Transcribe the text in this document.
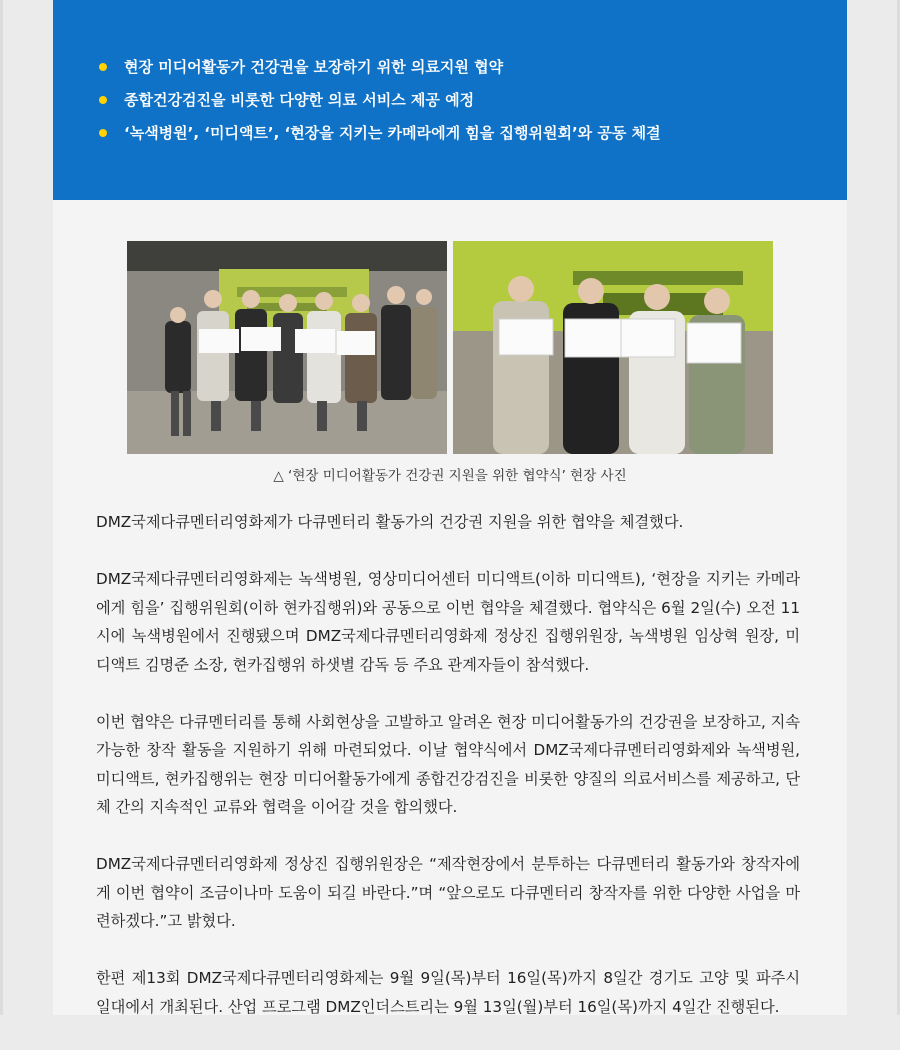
현장 미디어활동가 건강권을 보장하기 위한 의료지원 협약
종합건강검진을 비롯한 다양한 의료 서비스 제공 예정
‘녹색병원’, ‘미디액트’, ‘현장을 지키는 카메라에게 힘을 집행위원회’와 공동 체결
△ ‘현장 미디어활동가 건강권 지원을 위한 협약식’ 현장 사진

DMZ국제다큐멘터리영화제가 다큐멘터리 활동가의 건강권 지원을 위한 협약을 체결했다.

DMZ국제다큐멘터리영화제는 녹색병원, 영상미디어센터 미디액트(이하 미디액트), ‘현장을 지키는 카메라에게 힘을’ 집행위원회(이하 현카집행위)와 공동으로 이번 협약을 체결했다. 협약식은 6월 2일(수) 오전 11시에 녹색병원에서 진행됐으며 DMZ국제다큐멘터리영화제 정상진 집행위원장, 녹색병원 임상혁 원장, 미디액트 김명준 소장, 현카집행위 하샛별 감독 등 주요 관계자들이 참석했다.

이번 협약은 다큐멘터리를 통해 사회현상을 고발하고 알려온 현장 미디어활동가의 건강권을 보장하고, 지속 가능한 창작 활동을 지원하기 위해 마련되었다. 이날 협약식에서 DMZ국제다큐멘터리영화제와 녹색병원, 미디액트, 현카집행위는 현장 미디어활동가에게 종합건강검진을 비롯한 양질의 의료서비스를 제공하고, 단체 간의 지속적인 교류와 협력을 이어갈 것을 합의했다.

DMZ국제다큐멘터리영화제 정상진 집행위원장은 “제작현장에서 분투하는 다큐멘터리 활동가와 창작자에게 이번 협약이 조금이나마 도움이 되길 바란다.”며 “앞으로도 다큐멘터리 창작자를 위한 다양한 사업을 마련하겠다.”고 밝혔다.

한편 제13회 DMZ국제다큐멘터리영화제는 9월 9일(목)부터 16일(목)까지 8일간 경기도 고양 및 파주시 일대에서 개최된다. 산업 프로그램 DMZ인더스트리는 9월 13일(월)부터 16일(목)까지 4일간 진행된다.
